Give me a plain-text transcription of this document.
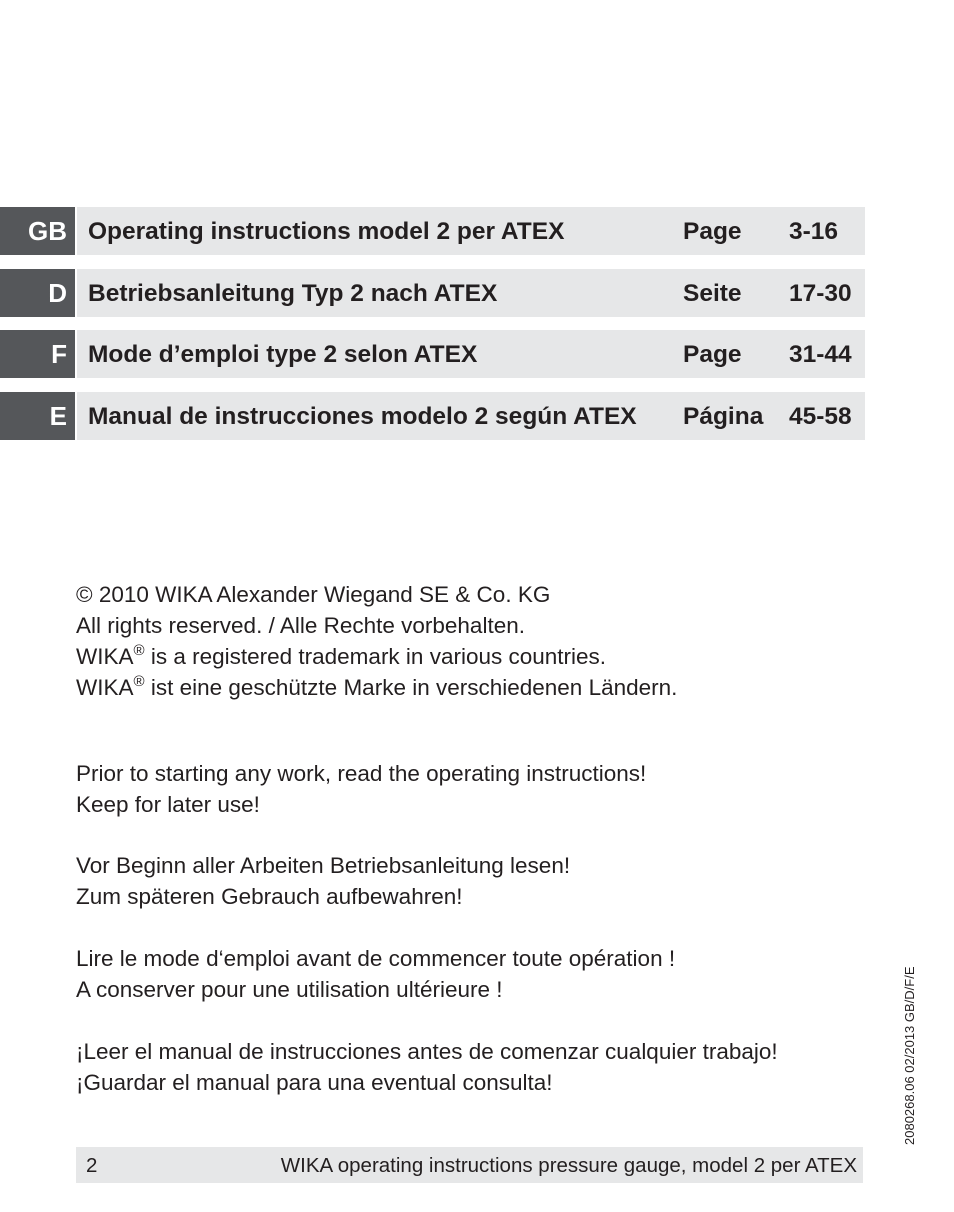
GB Operating instructions model 2 per ATEX	Page 3-16
D Betriebsanleitung Typ 2 nach ATEX	Seite 17-30
F Mode d’emploi type 2 selon ATEX	Page 31-44
E Manual de instrucciones modelo 2 según ATEX Página 45-58
© 2010 WIKA Alexander Wiegand SE & Co. KG
All rights reserved. / Alle Rechte vorbehalten.
WIKA® is a registered trademark in various countries.
WIKA® ist eine geschützte Marke in verschiedenen Ländern.
Prior to starting any work, read the operating instructions!
Keep for later use!
Vor Beginn aller Arbeiten Betriebsanleitung lesen!
Zum späteren Gebrauch aufbewahren!
Lire le mode d‘emploi avant de commencer toute opération !
A conserver pour une utilisation ultérieure !
¡Leer el manual de instrucciones antes de comenzar cualquier trabajo!
¡Guardar el manual para una eventual consulta!	2080268.06 02/2013 GB/D/F/E
2	WIKA operating instructions pressure gauge, model 2 per ATEX
